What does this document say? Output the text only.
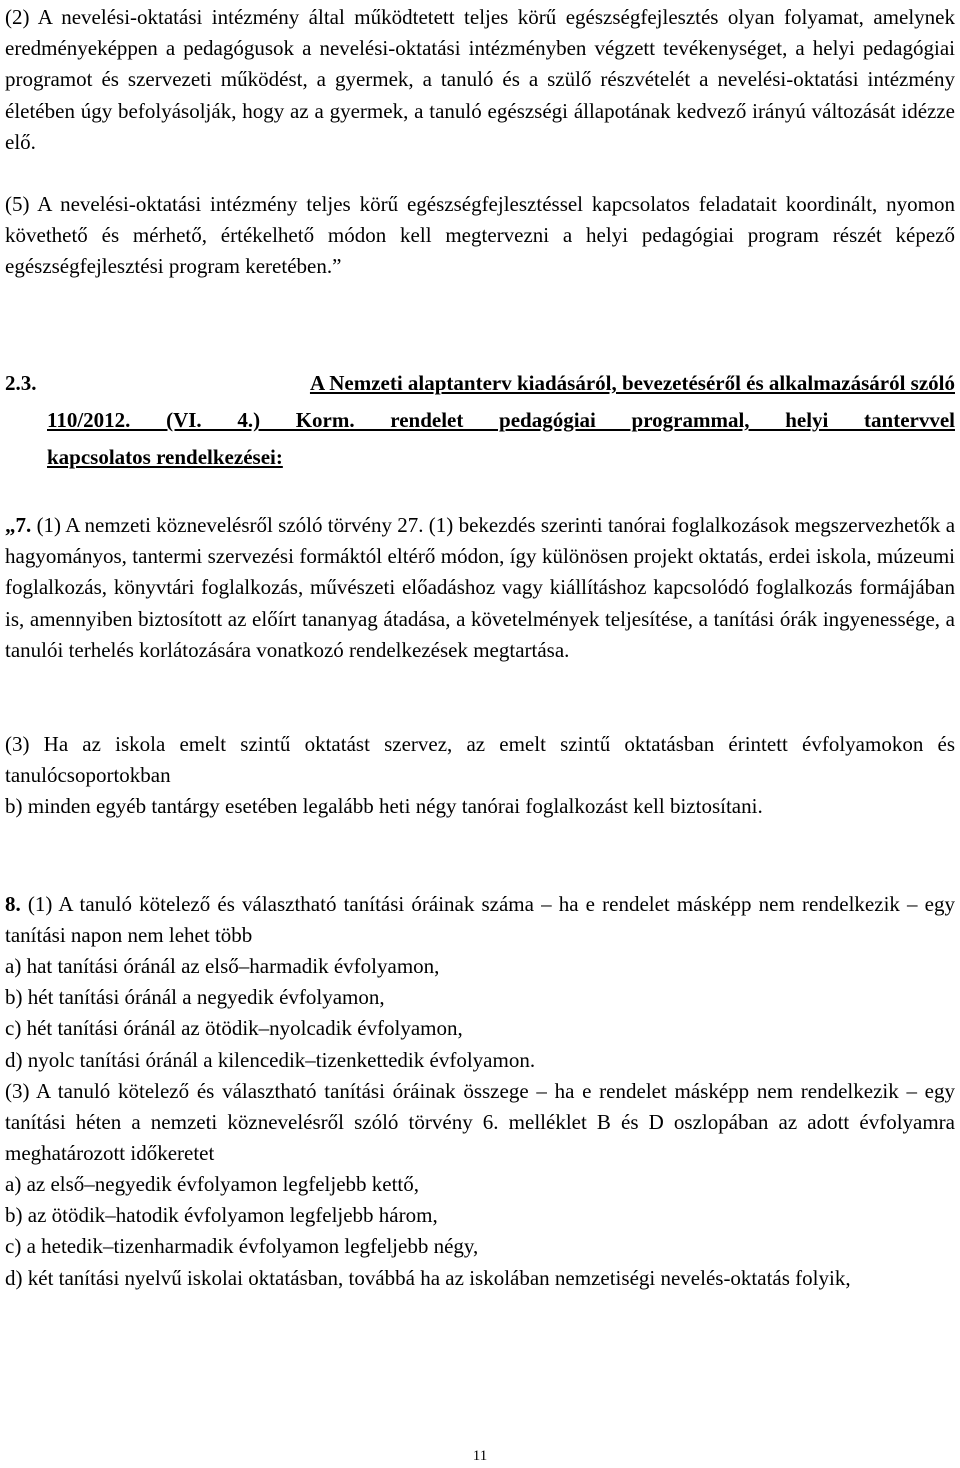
(2) A nevelési-oktatási intézmény által működtetett teljes körű egészségfejlesztés olyan folyamat, amelynek eredményeképpen a pedagógusok a nevelési-oktatási intézményben végzett tevékenységet, a helyi pedagógiai programot és szervezeti működést, a gyermek, a tanuló és a szülő részvételét a nevelési-oktatási intézmény életében úgy befolyásolják, hogy az a gyermek, a tanuló egészségi állapotának kedvező irányú változását idézze elő.

(5) A nevelési-oktatási intézmény teljes körű egészségfejlesztéssel kapcsolatos feladatait koordinált, nyomon követhető és mérhető, értékelhető módon kell megtervezni a helyi pedagógiai program részét képező egészségfejlesztési program keretében.”

2.3.	A Nemzeti alaptanterv kiadásáról, bevezetéséről és alkalmazásáról szóló
110/2012. (VI. 4.) Korm. rendelet pedagógiai programmal, helyi tantervvel
kapcsolatos rendelkezései:

„7. (1) A nemzeti köznevelésről szóló törvény 27. (1) bekezdés szerinti tanórai foglalkozások megszervezhetők a hagyományos, tantermi szervezési formáktól eltérő módon, így különösen projekt oktatás, erdei iskola, múzeumi foglalkozás, könyvtári foglalkozás, művészeti előadáshoz vagy kiállításhoz kapcsolódó foglalkozás formájában is, amennyiben biztosított az előírt tananyag átadása, a követelmények teljesítése, a tanítási órák ingyenessége, a tanulói terhelés korlátozására vonatkozó rendelkezések megtartása.

(3) Ha az iskola emelt szintű oktatást szervez, az emelt szintű oktatásban érintett évfolyamokon és tanulócsoportokban

b) minden egyéb tantárgy esetében legalább heti négy tanórai foglalkozást kell biztosítani.

8. (1) A tanuló kötelező és választható tanítási óráinak száma – ha e rendelet másképp nem rendelkezik – egy tanítási napon nem lehet több

a) hat tanítási óránál az első–harmadik évfolyamon,
b) hét tanítási óránál a negyedik évfolyamon,
c) hét tanítási óránál az ötödik–nyolcadik évfolyamon,
d) nyolc tanítási óránál a kilencedik–tizenkettedik évfolyamon.

(3) A tanuló kötelező és választható tanítási óráinak összege – ha e rendelet másképp nem rendelkezik – egy tanítási héten a nemzeti köznevelésről szóló törvény 6. melléklet B és D oszlopában az adott évfolyamra meghatározott időkeretet

a) az első–negyedik évfolyamon legfeljebb kettő,
b) az ötödik–hatodik évfolyamon legfeljebb három,
c) a hetedik–tizenharmadik évfolyamon legfeljebb négy,

d) két tanítási nyelvű iskolai oktatásban, továbbá ha az iskolában nemzetiségi nevelés-oktatás folyik,

11
